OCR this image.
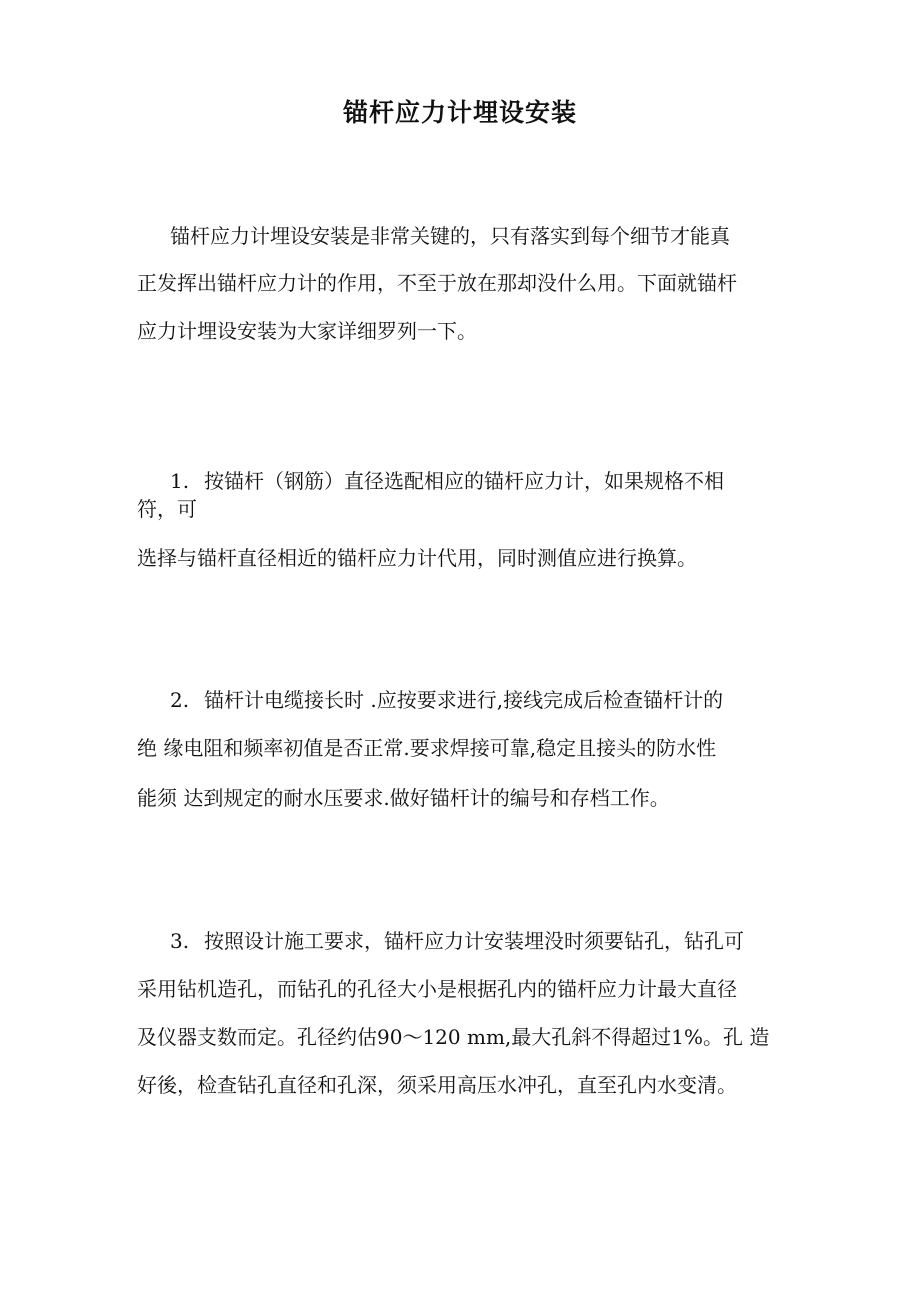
锚杆应力计埋设安装
锚杆应力计埋设安装是非常关键的，只有落实到每个细节才能真
正发挥出锚杆应力计的作用，不至于放在那却没什么用。下面就锚杆
应力计埋设安装为大家详细罗列一下。
1. 按锚杆（钢筋）直径选配相应的锚杆应力计，如果规格不相
符，可
选择与锚杆直径相近的锚杆应力计代用，同时测值应进行换算。
2. 锚杆计电缆接长时 .应按要求进行,接线完成后检查锚杆计的
绝 缘电阻和频率初值是否正常.要求焊接可靠,稳定且接头的防水性
能须 达到规定的耐水压要求.做好锚杆计的编号和存档工作。
3. 按照设计施工要求，锚杆应力计安装埋没时须要钻孔，钻孔可
采用钻机造孔，而钻孔的孔径大小是根据孔内的锚杆应力计最大直径
及仪器支数而定。孔径约估90〜120 mm,最大孔斜不得超过1%。孔 造
好後，检查钻孔直径和孔深，须采用高压水冲孔，直至孔内水变清。
